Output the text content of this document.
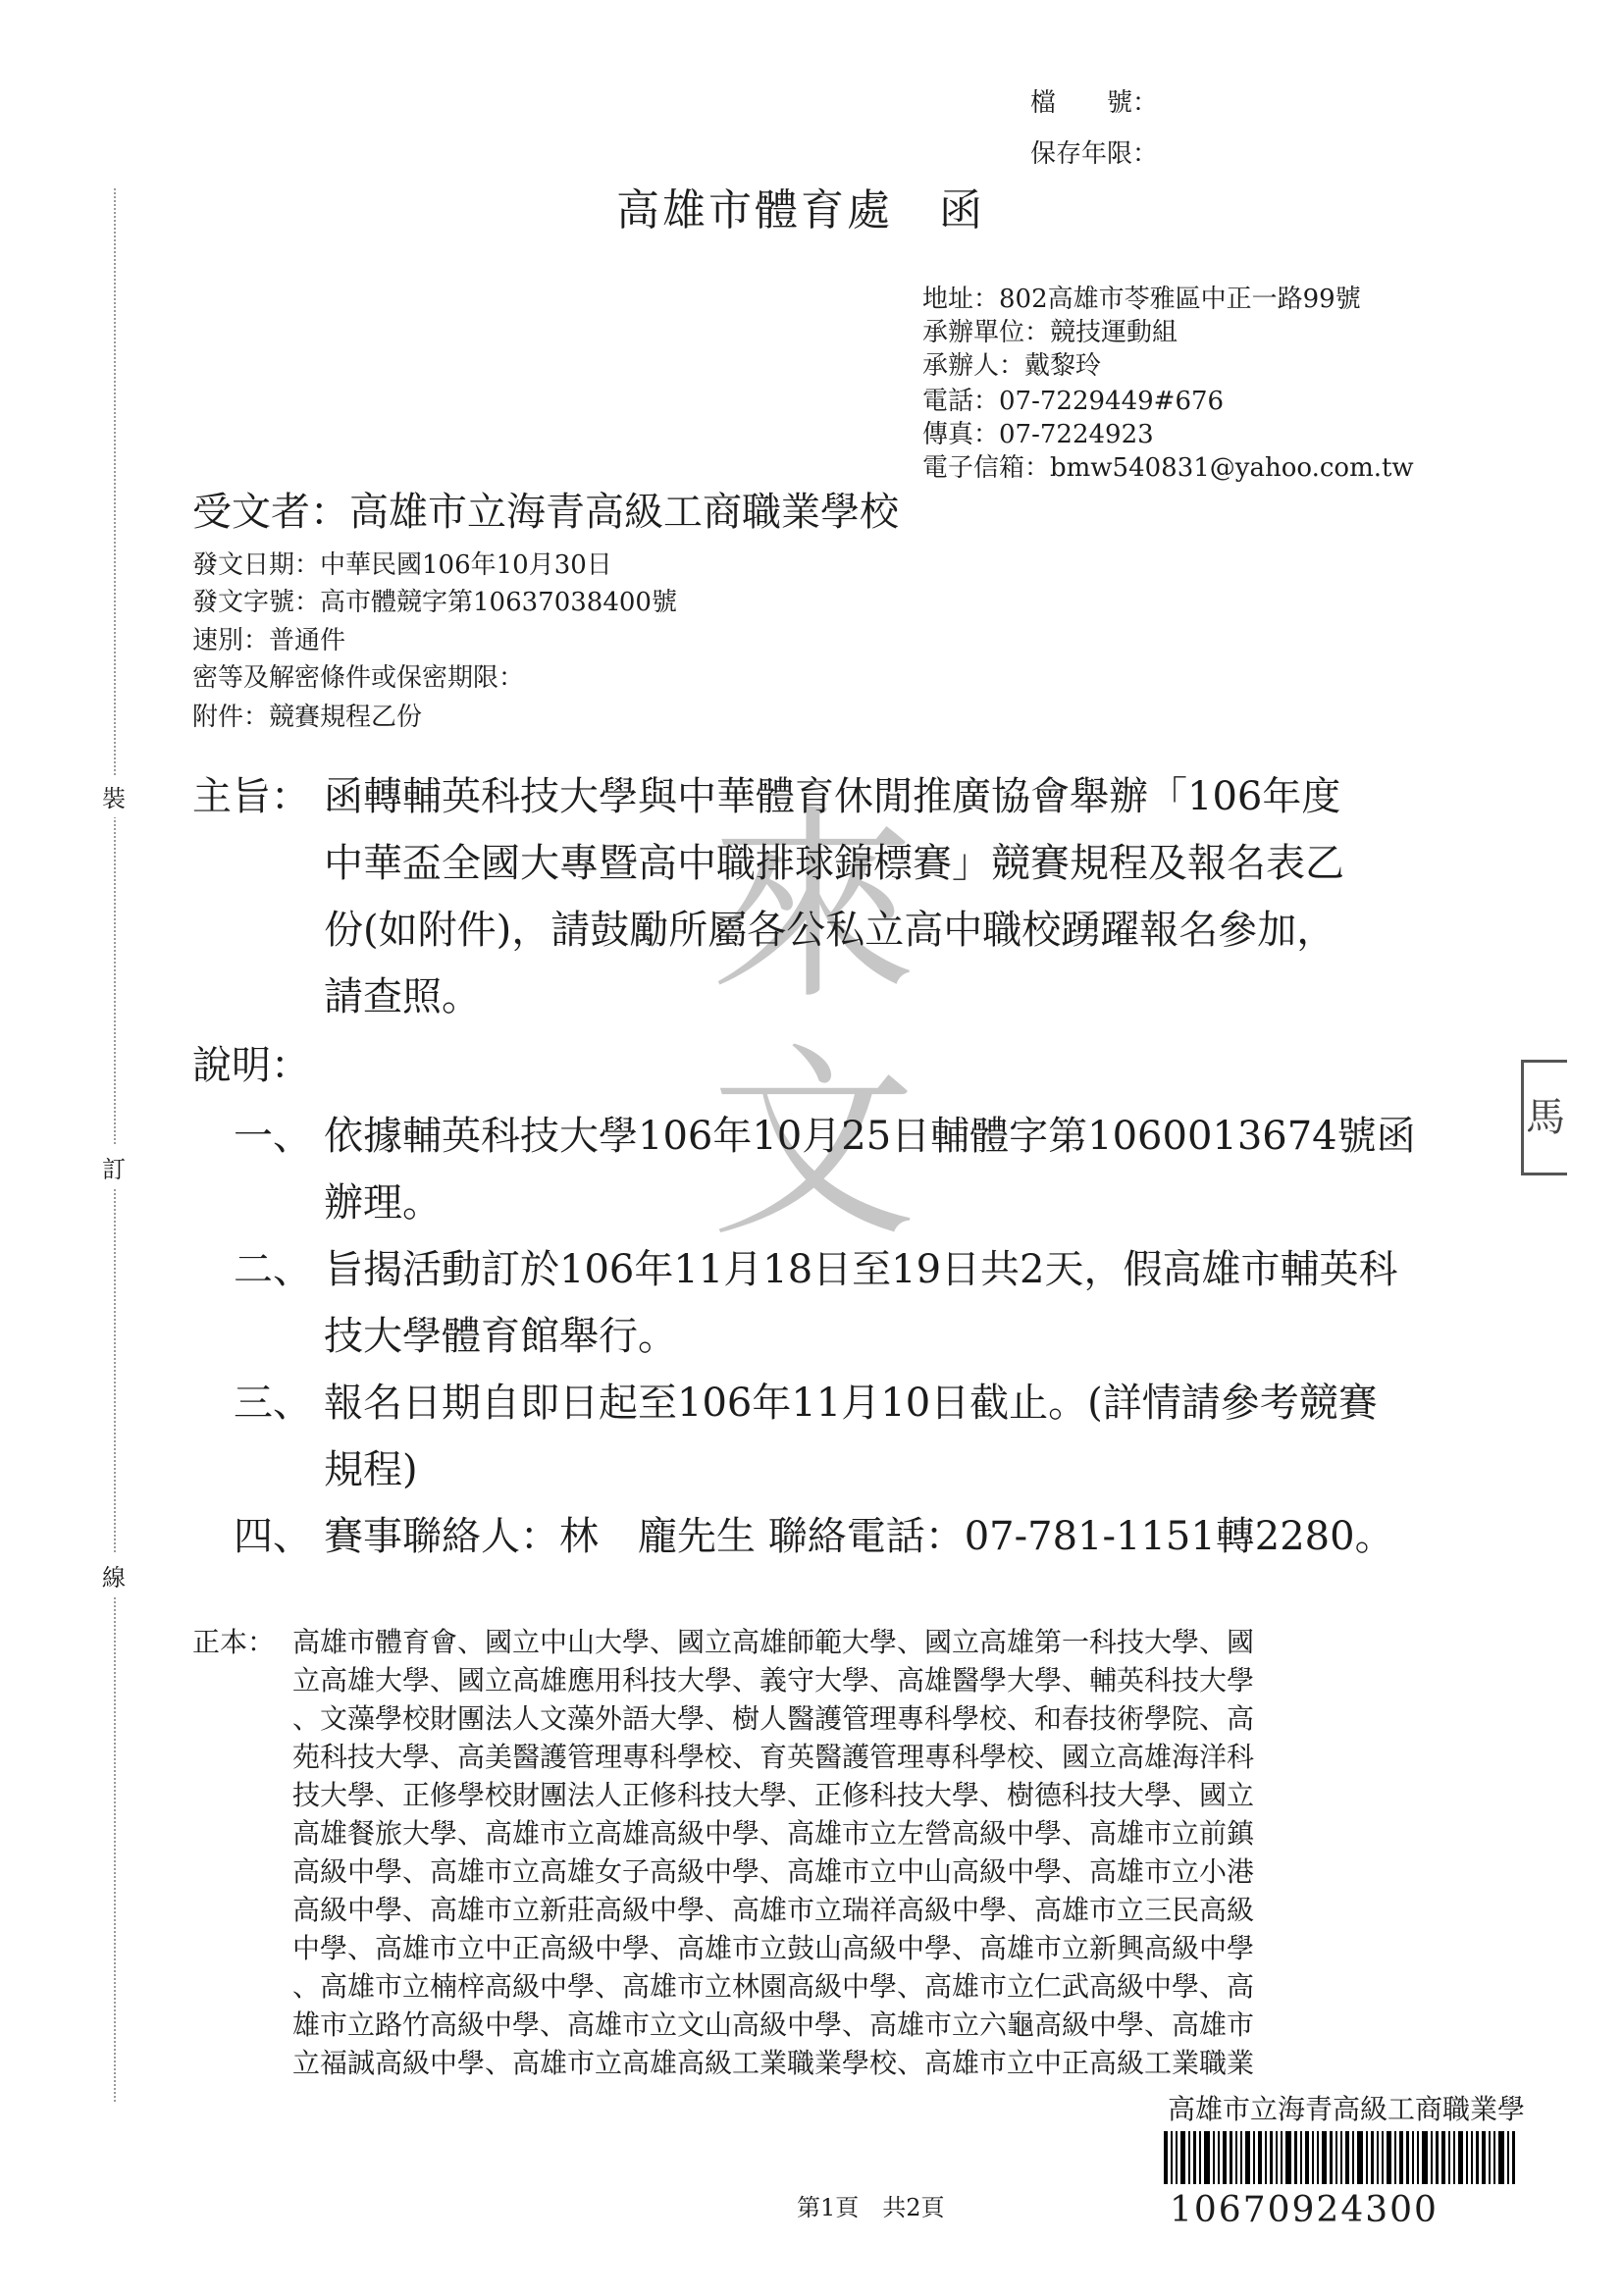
裝
訂
線
來
文	馬
檔　　號：
保存年限：
高雄市體育處　函
地址：802高雄市苓雅區中正一路99號
承辦單位：競技運動組
承辦人：戴黎玲
電話：07-7229449#676
傳真：07-7224923
電子信箱：bmw540831@yahoo.com.tw
受文者：高雄市立海青高級工商職業學校
發文日期：中華民國106年10月30日
發文字號：高市體競字第10637038400號
速別：普通件
密等及解密條件或保密期限：
附件：競賽規程乙份
主旨： 函轉輔英科技大學與中華體育休閒推廣協會舉辦「106年度
中華盃全國大專暨高中職排球錦標賽」競賽規程及報名表乙
份(如附件)，請鼓勵所屬各公私立高中職校踴躍報名參加，
請查照。
說明：
一、 依據輔英科技大學106年10月25日輔體字第1060013674號函
辦理。
二、 旨揭活動訂於106年11月18日至19日共2天，假高雄市輔英科
技大學體育館舉行。
三、 報名日期自即日起至106年11月10日截止。(詳情請參考競賽
規程)
四、 賽事聯絡人：林　龐先生 聯絡電話：07-781-1151轉2280。
正本： 高雄市體育會、國立中山大學、國立高雄師範大學、國立高雄第一科技大學、國
立高雄大學、國立高雄應用科技大學、義守大學、高雄醫學大學、輔英科技大學
、文藻學校財團法人文藻外語大學、樹人醫護管理專科學校、和春技術學院、高
苑科技大學、高美醫護管理專科學校、育英醫護管理專科學校、國立高雄海洋科
技大學、正修學校財團法人正修科技大學、正修科技大學、樹德科技大學、國立
高雄餐旅大學、高雄市立高雄高級中學、高雄市立左營高級中學、高雄市立前鎮
高級中學、高雄市立高雄女子高級中學、高雄市立中山高級中學、高雄市立小港
高級中學、高雄市立新莊高級中學、高雄市立瑞祥高級中學、高雄市立三民高級
中學、高雄市立中正高級中學、高雄市立鼓山高級中學、高雄市立新興高級中學
、高雄市立楠梓高級中學、高雄市立林園高級中學、高雄市立仁武高級中學、高
雄市立路竹高級中學、高雄市立文山高級中學、高雄市立六龜高級中學、高雄市
立福誠高級中學、高雄市立高雄高級工業職業學校、高雄市立中正高級工業職業
高雄市立海青高級工商職業學
10670924300
第1頁　共2頁
